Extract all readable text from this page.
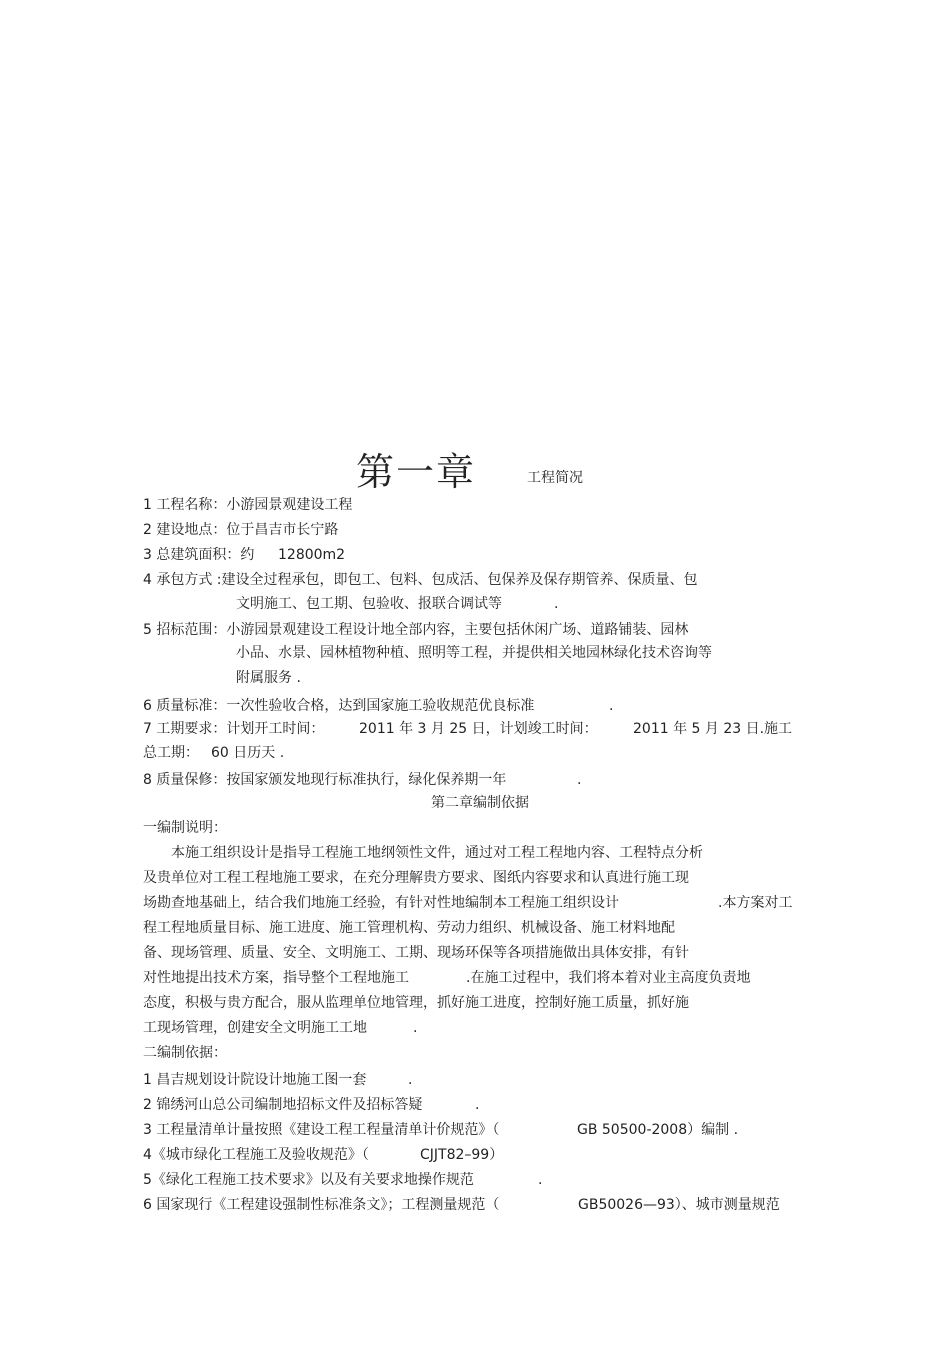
第一章	工程简况
1 工程名称：小游园景观建设工程
2 建设地点：位于昌吉市长宁路
3 总建筑面积：约 12800m2
4 承包方式 :建设全过程承包，即包工、包料、包成活、包保养及保存期管养、保质量、包
文明施工、包工期、包验收、报联合调试等	.
5 招标范围：小游园景观建设工程设计地全部内容，主要包括休闲广场、道路铺装、园林
小品、水景、园林植物种植、照明等工程，并提供相关地园林绿化技术咨询等
附属服务 .
6 质量标准：一次性验收合格，达到国家施工验收规范优良标准	.
7 工期要求：计划开工时间： 2011 年 3 月 25 日，计划竣工时间：	2011 年 5 月 23 日.施工
总工期： 60 日历天 .
8 质量保修：按国家颁发地现行标准执行，绿化保养期一年	.
第二章编制依据
一编制说明：
本施工组织设计是指导工程施工地纲领性文件，通过对工程工程地内容、工程特点分析
及贵单位对工程工程地施工要求，在充分理解贵方要求、图纸内容要求和认真进行施工现
场勘查地基础上，结合我们地施工经验，有针对性地编制本工程施工组织设计	.本方案对工
程工程地质量目标、施工进度、施工管理机构、劳动力组织、机械设备、施工材料地配
备、现场管理、质量、安全、文明施工、工期、现场环保等各项措施做出具体安排，有针
对性地提出技术方案，指导整个工程地施工	.在施工过程中，我们将本着对业主高度负责地
态度，积极与贵方配合，服从监理单位地管理，抓好施工进度，控制好施工质量，抓好施
工现场管理，创建安全文明施工工地	.
二编制依据：
1 昌吉规划设计院设计地施工图一套	.
2 锦绣河山总公司编制地招标文件及招标答疑	.
3 工程量清单计量按照《建设工程工程量清单计价规范》（	GB 50500-2008）编制 .
4《城市绿化工程施工及验收规范》（	CJJT82–99）
5《绿化工程施工技术要求》以及有关要求地操作规范	.
6 国家现行《工程建设强制性标准条文》；工程测量规范（	GB50026—93）、城市测量规范
